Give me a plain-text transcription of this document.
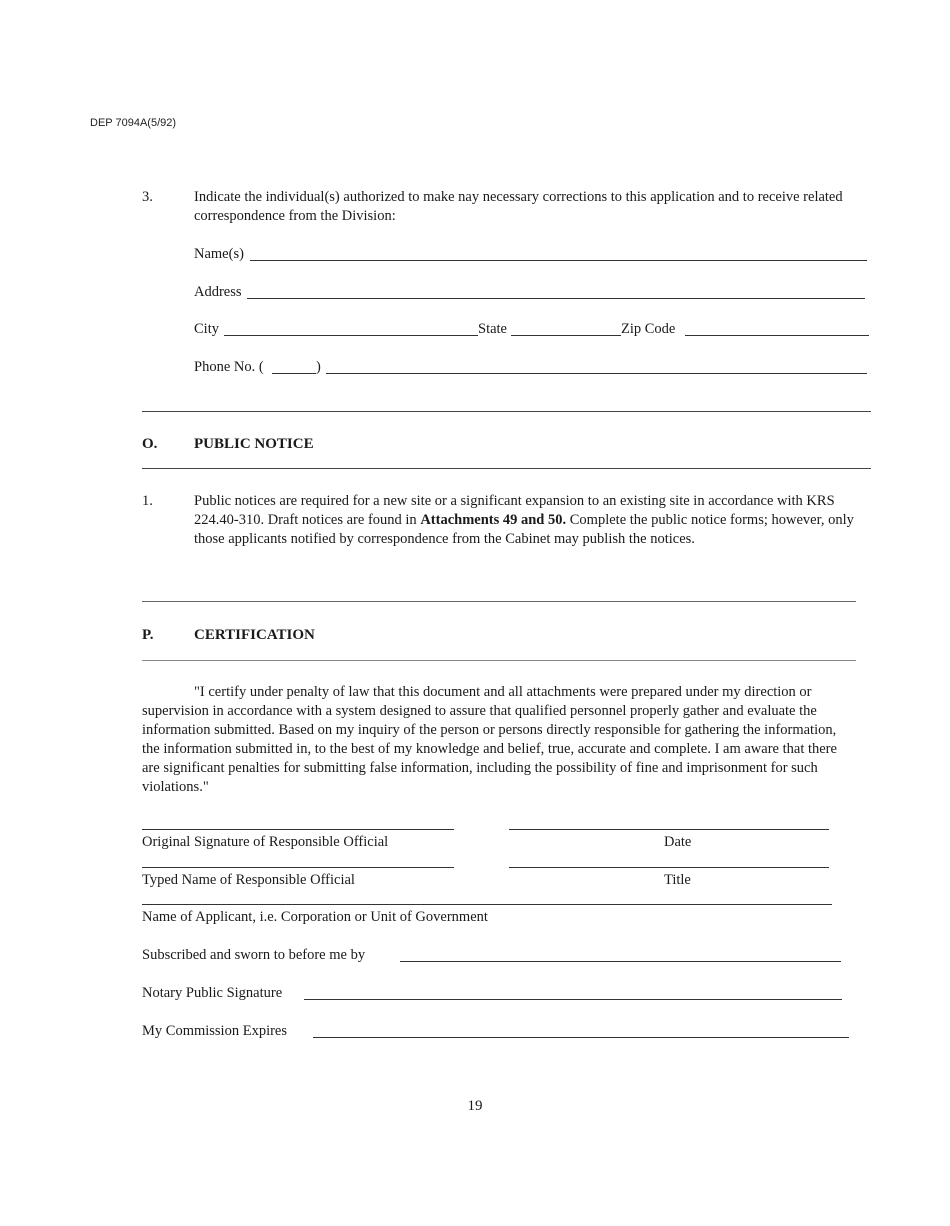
DEP 7094A(5/92)
3.	Indicate the individual(s) authorized to make nay necessary corrections to this application and to receive related correspondence from the Division:
Name(s)
Address
City	State	Zip Code
Phone No. (	)
O. PUBLIC NOTICE
1.	Public notices are required for a new site or a significant expansion to an existing site in accordance with KRS 224.40-310. Draft notices are found in Attachments 49 and 50. Complete the public notice forms; however, only those applicants notified by correspondence from the Cabinet may publish the notices.
P.	CERTIFICATION
"I certify under penalty of law that this document and all attachments were prepared under my direction or supervision in accordance with a system designed to assure that qualified personnel properly gather and evaluate the information submitted. Based on my inquiry of the person or persons directly responsible for gathering the information, the information submitted in, to the best of my knowledge and belief, true, accurate and complete. I am aware that there are significant penalties for submitting false information, including the possibility of fine and imprisonment for such violations."
Original Signature of Responsible Official	Date
Typed Name of Responsible Official	Title
Name of Applicant, i.e. Corporation or Unit of Government
Subscribed and sworn to before me by
Notary Public Signature
My Commission Expires
19
